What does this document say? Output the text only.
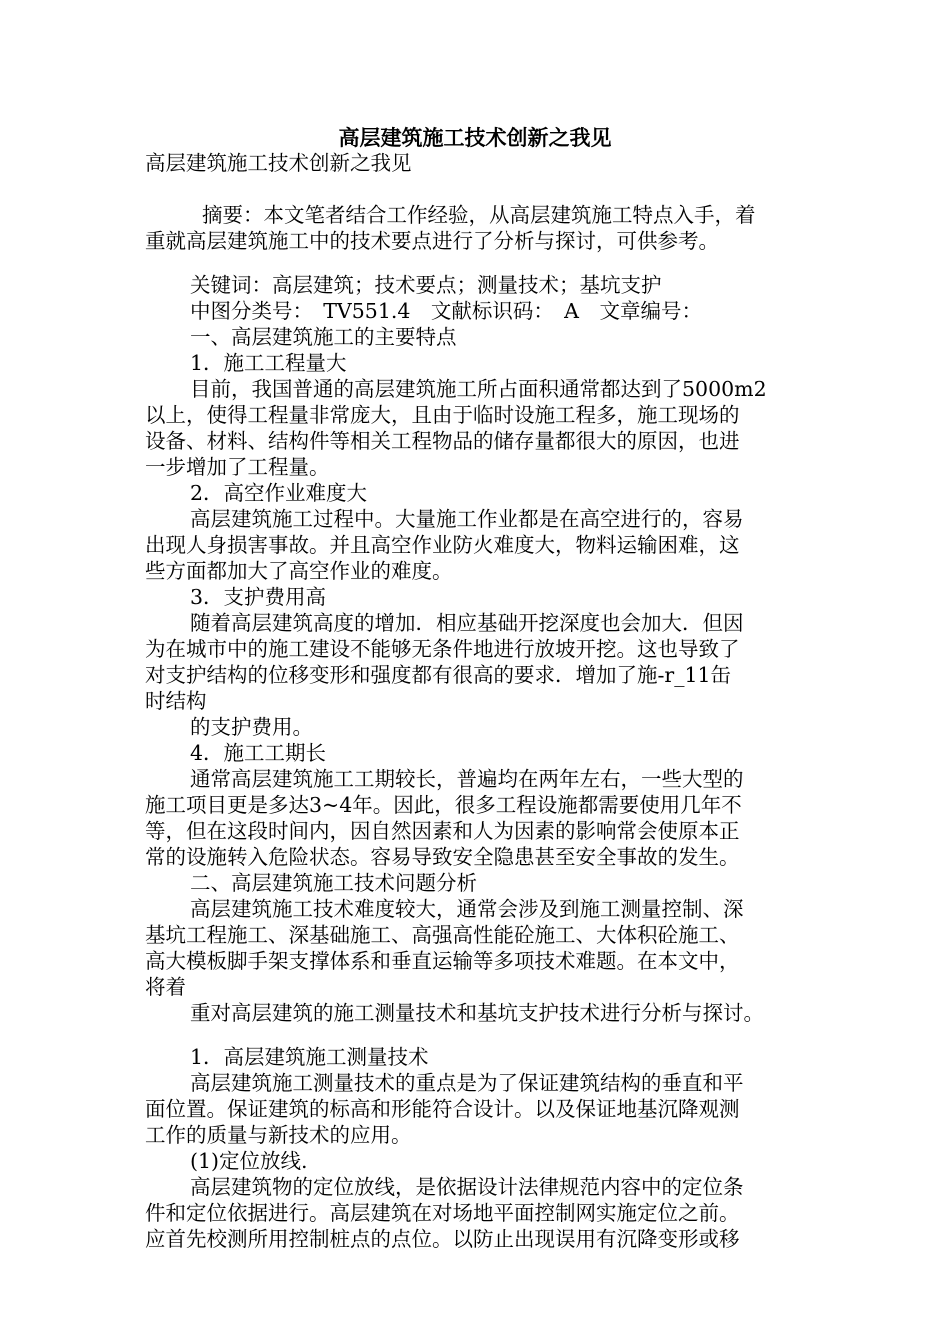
高层建筑施工技术创新之我见
高层建筑施工技术创新之我见
摘要：本文笔者结合工作经验，从高层建筑施工特点入手，着
重就高层建筑施工中的技术要点进行了分析与探讨，可供参考。
关键词：高层建筑；技术要点；测量技术；基坑支护
中图分类号：　TV551.4　文献标识码：　A　文章编号：
一、高层建筑施工的主要特点
1．施工工程量大
目前，我国普通的高层建筑施工所占面积通常都达到了5000m2
以上，使得工程量非常庞大，且由于临时设施工程多，施工现场的
设备、材料、结构件等相关工程物品的储存量都很大的原因，也进
一步增加了工程量。
2．高空作业难度大
高层建筑施工过程中。大量施工作业都是在高空进行的，容易
出现人身损害事故。并且高空作业防火难度大，物料运输困难，这
些方面都加大了高空作业的难度。
3．支护费用高
随着高层建筑高度的增加．相应基础开挖深度也会加大．但因
为在城市中的施工建设不能够无条件地进行放坡开挖。这也导致了
对支护结构的位移变形和强度都有很高的要求．增加了施-r_11缶
时结构
的支护费用。
4．施工工期长
通常高层建筑施工工期较长，普遍均在两年左右，一些大型的
施工项目更是多达3~4年。因此，很多工程设施都需要使用几年不
等，但在这段时间内，因自然因素和人为因素的影响常会使原本正
常的设施转入危险状态。容易导致安全隐患甚至安全事故的发生。
二、高层建筑施工技术问题分析
高层建筑施工技术难度较大，通常会涉及到施工测量控制、深
基坑工程施工、深基础施工、高强高性能砼施工、大体积砼施工、
高大模板脚手架支撑体系和垂直运输等多项技术难题。在本文中，
将着
重对高层建筑的施工测量技术和基坑支护技术进行分析与探讨。
1．高层建筑施工测量技术
高层建筑施工测量技术的重点是为了保证建筑结构的垂直和平
面位置。保证建筑的标高和形能符合设计。以及保证地基沉降观测
工作的质量与新技术的应用。
(1)定位放线.
高层建筑物的定位放线，是依据设计法律规范内容中的定位条
件和定位依据进行。高层建筑在对场地平面控制网实施定位之前。
应首先校测所用控制桩点的点位。以防止出现误用有沉降变形或移
